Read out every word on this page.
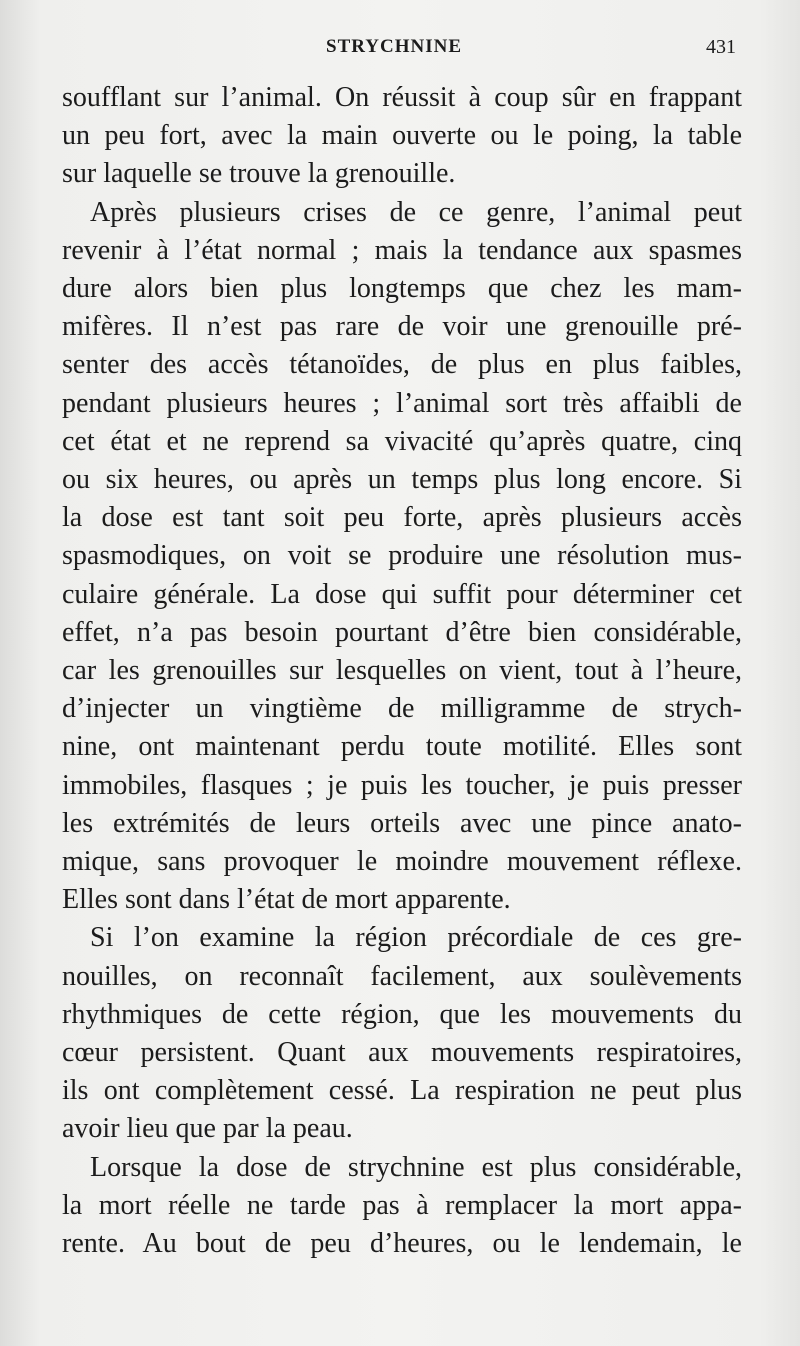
STRYCHNINE	431
soufflant sur l’animal. On réussit à coup sûr en frappant
un peu fort, avec la main ouverte ou le poing, la table
sur laquelle se trouve la grenouille.
Après plusieurs crises de ce genre, l’animal peut
revenir à l’état normal ; mais la tendance aux spasmes
dure alors bien plus longtemps que chez les mam-
mifères. Il n’est pas rare de voir une grenouille pré-
senter des accès tétanoïdes, de plus en plus faibles,
pendant plusieurs heures ; l’animal sort très affaibli de
cet état et ne reprend sa vivacité qu’après quatre, cinq
ou six heures, ou après un temps plus long encore. Si
la dose est tant soit peu forte, après plusieurs accès
spasmodiques, on voit se produire une résolution mus-
culaire générale. La dose qui suffit pour déterminer cet
effet, n’a pas besoin pourtant d’être bien considérable,
car les grenouilles sur lesquelles on vient, tout à l’heure,
d’injecter un vingtième de milligramme de strych-
nine, ont maintenant perdu toute motilité. Elles sont
immobiles, flasques ; je puis les toucher, je puis presser
les extrémités de leurs orteils avec une pince anato-
mique, sans provoquer le moindre mouvement réflexe.
Elles sont dans l’état de mort apparente.
Si l’on examine la région précordiale de ces gre-
nouilles, on reconnaît facilement, aux soulèvements
rhythmiques de cette région, que les mouvements du
cœur persistent. Quant aux mouvements respiratoires,
ils ont complètement cessé. La respiration ne peut plus
avoir lieu que par la peau.
Lorsque la dose de strychnine est plus considérable,
la mort réelle ne tarde pas à remplacer la mort appa-
rente. Au bout de peu d’heures, ou le lendemain, le
